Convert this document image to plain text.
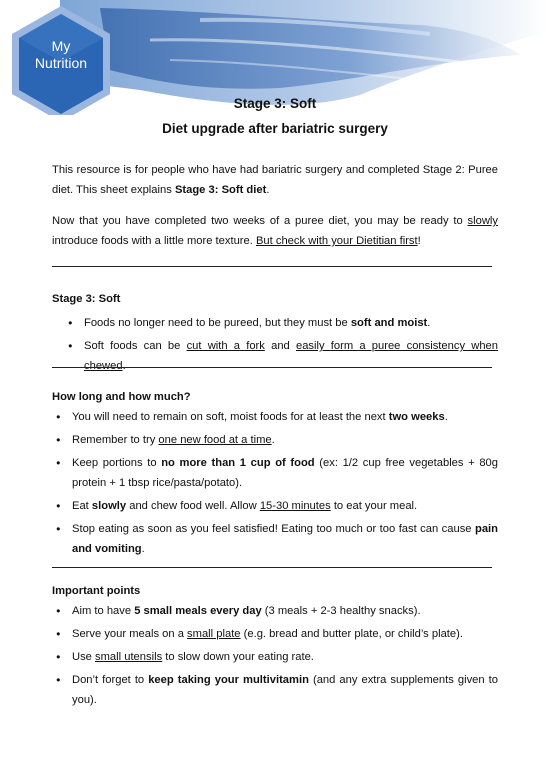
My
Nutrition
Stage 3: Soft
Diet upgrade after bariatric surgery
This resource is for people who have had bariatric surgery and completed Stage 2: Puree diet. This sheet explains Stage 3: Soft diet.
Now that you have completed two weeks of a puree diet, you may be ready to slowly introduce foods with a little more texture. But check with your Dietitian first!
Stage 3: Soft
● Foods no longer need to be pureed, but they must be soft and moist.
● Soft foods can be cut with a fork and easily form a puree consistency when chewed.
How long and how much?
● You will need to remain on soft, moist foods for at least the next two weeks.
● Remember to try one new food at a time.
● Keep portions to no more than 1 cup of food (ex: 1/2 cup free vegetables + 80g protein + 1 tbsp rice/pasta/potato).
● Eat slowly and chew food well. Allow 15-30 minutes to eat your meal.
● Stop eating as soon as you feel satisfied! Eating too much or too fast can cause pain and vomiting.
Important points
● Aim to have 5 small meals every day (3 meals + 2-3 healthy snacks).
● Serve your meals on a small plate (e.g. bread and butter plate, or child’s plate).
● Use small utensils to slow down your eating rate.
● Don’t forget to keep taking your multivitamin (and any extra supplements given to you).
